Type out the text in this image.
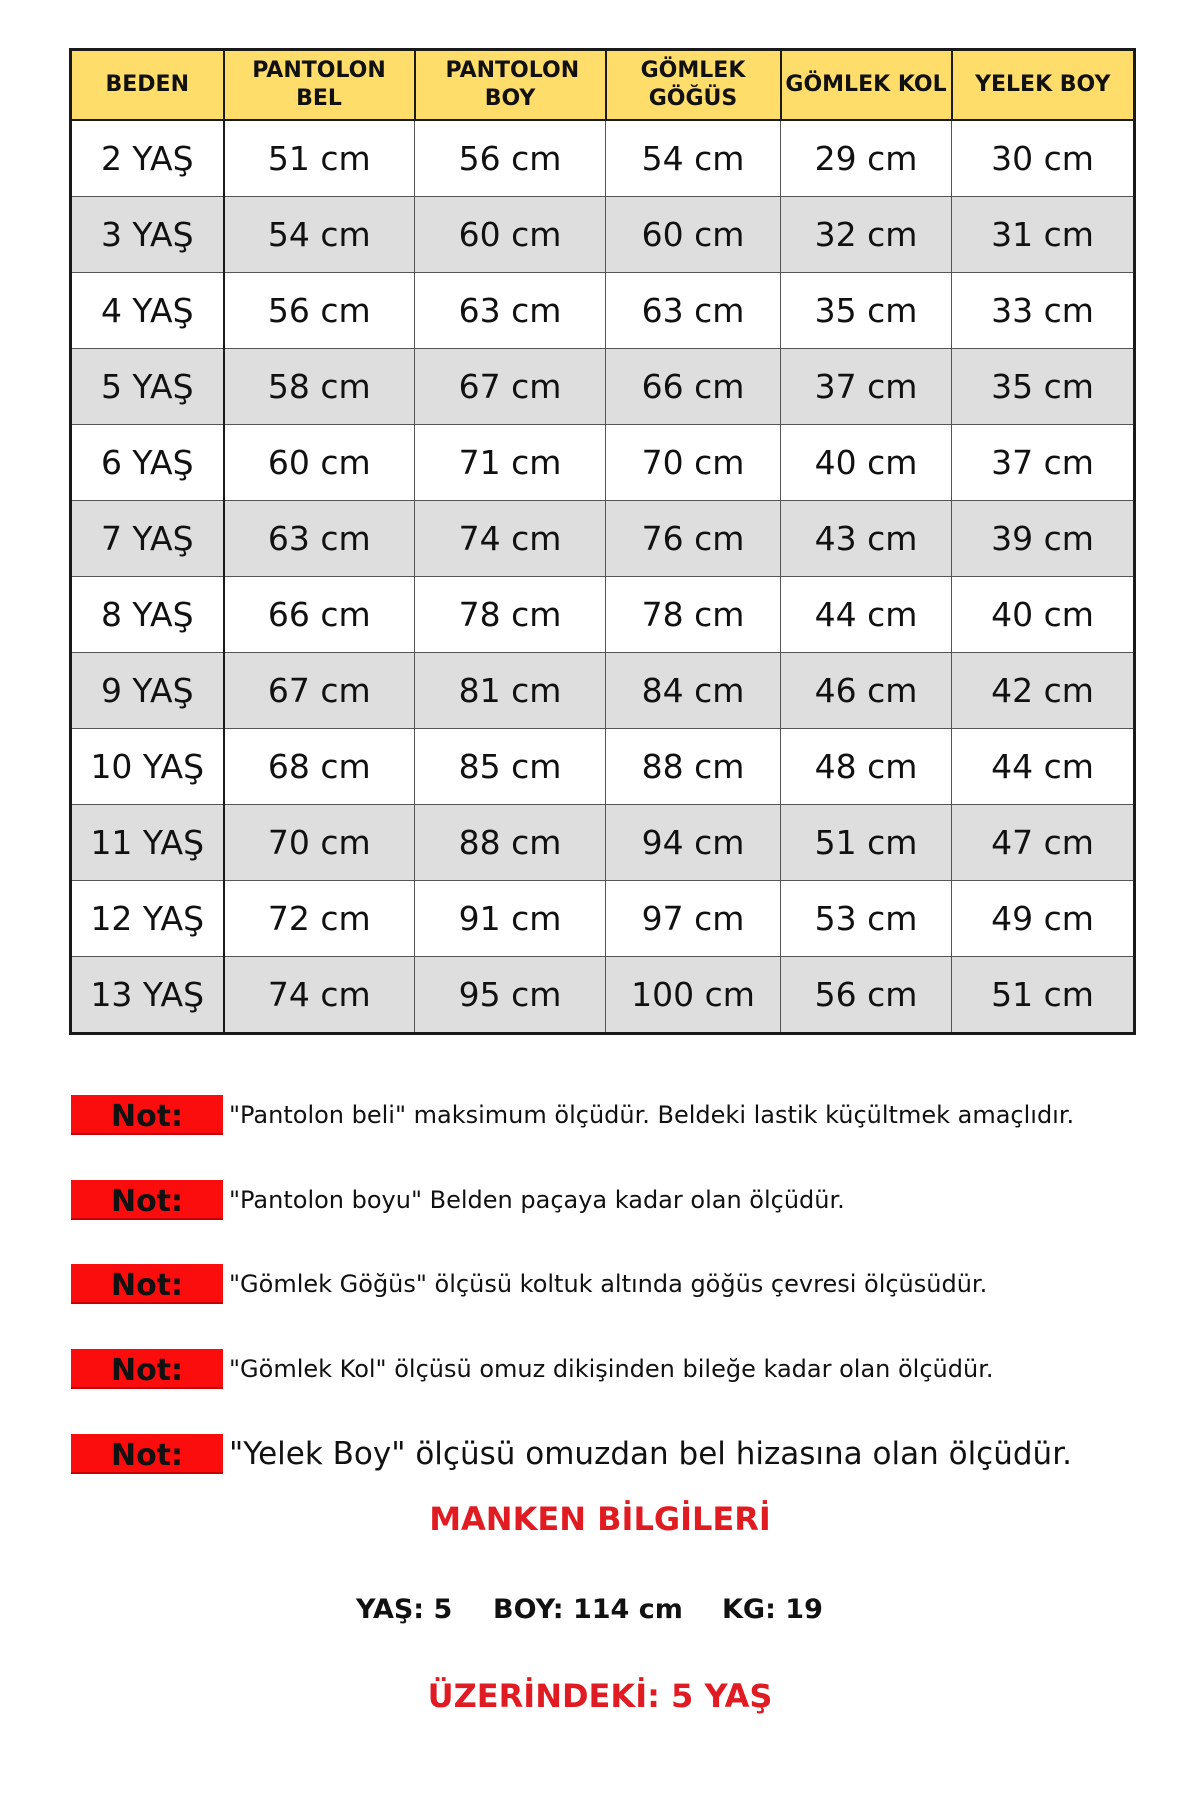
BEDEN	PANTOLON BEL	PANTOLON BOY	GÖMLEK GÖĞÜS	GÖMLEK KOL	YELEK BOY
2 YAŞ	51 cm	56 cm	54 cm	29 cm	30 cm
3 YAŞ	54 cm	60 cm	60 cm	32 cm	31 cm
4 YAŞ	56 cm	63 cm	63 cm	35 cm	33 cm
5 YAŞ	58 cm	67 cm	66 cm	37 cm	35 cm
6 YAŞ	60 cm	71 cm	70 cm	40 cm	37 cm
7 YAŞ	63 cm	74 cm	76 cm	43 cm	39 cm
8 YAŞ	66 cm	78 cm	78 cm	44 cm	40 cm
9 YAŞ	67 cm	81 cm	84 cm	46 cm	42 cm
10 YAŞ	68 cm	85 cm	88 cm	48 cm	44 cm
11 YAŞ	70 cm	88 cm	94 cm	51 cm	47 cm
12 YAŞ	72 cm	91 cm	97 cm	53 cm	49 cm
13 YAŞ	74 cm	95 cm	100 cm	56 cm	51 cm
Not:	"Pantolon beli" maksimum ölçüdür. Beldeki lastik küçültmek amaçlıdır.
Not:	"Pantolon boyu" Belden paçaya kadar olan ölçüdür.
Not:	"Gömlek Göğüs" ölçüsü koltuk altında göğüs çevresi ölçüsüdür.
Not:	"Gömlek Kol" ölçüsü omuz dikişinden bileğe kadar olan ölçüdür.
Not:	"Yelek Boy" ölçüsü omuzdan bel hizasına olan ölçüdür.
MANKEN BİLGİLERİ
YAŞ: 5 BOY: 114 cm KG: 19
ÜZERİNDEKİ: 5 YAŞ
